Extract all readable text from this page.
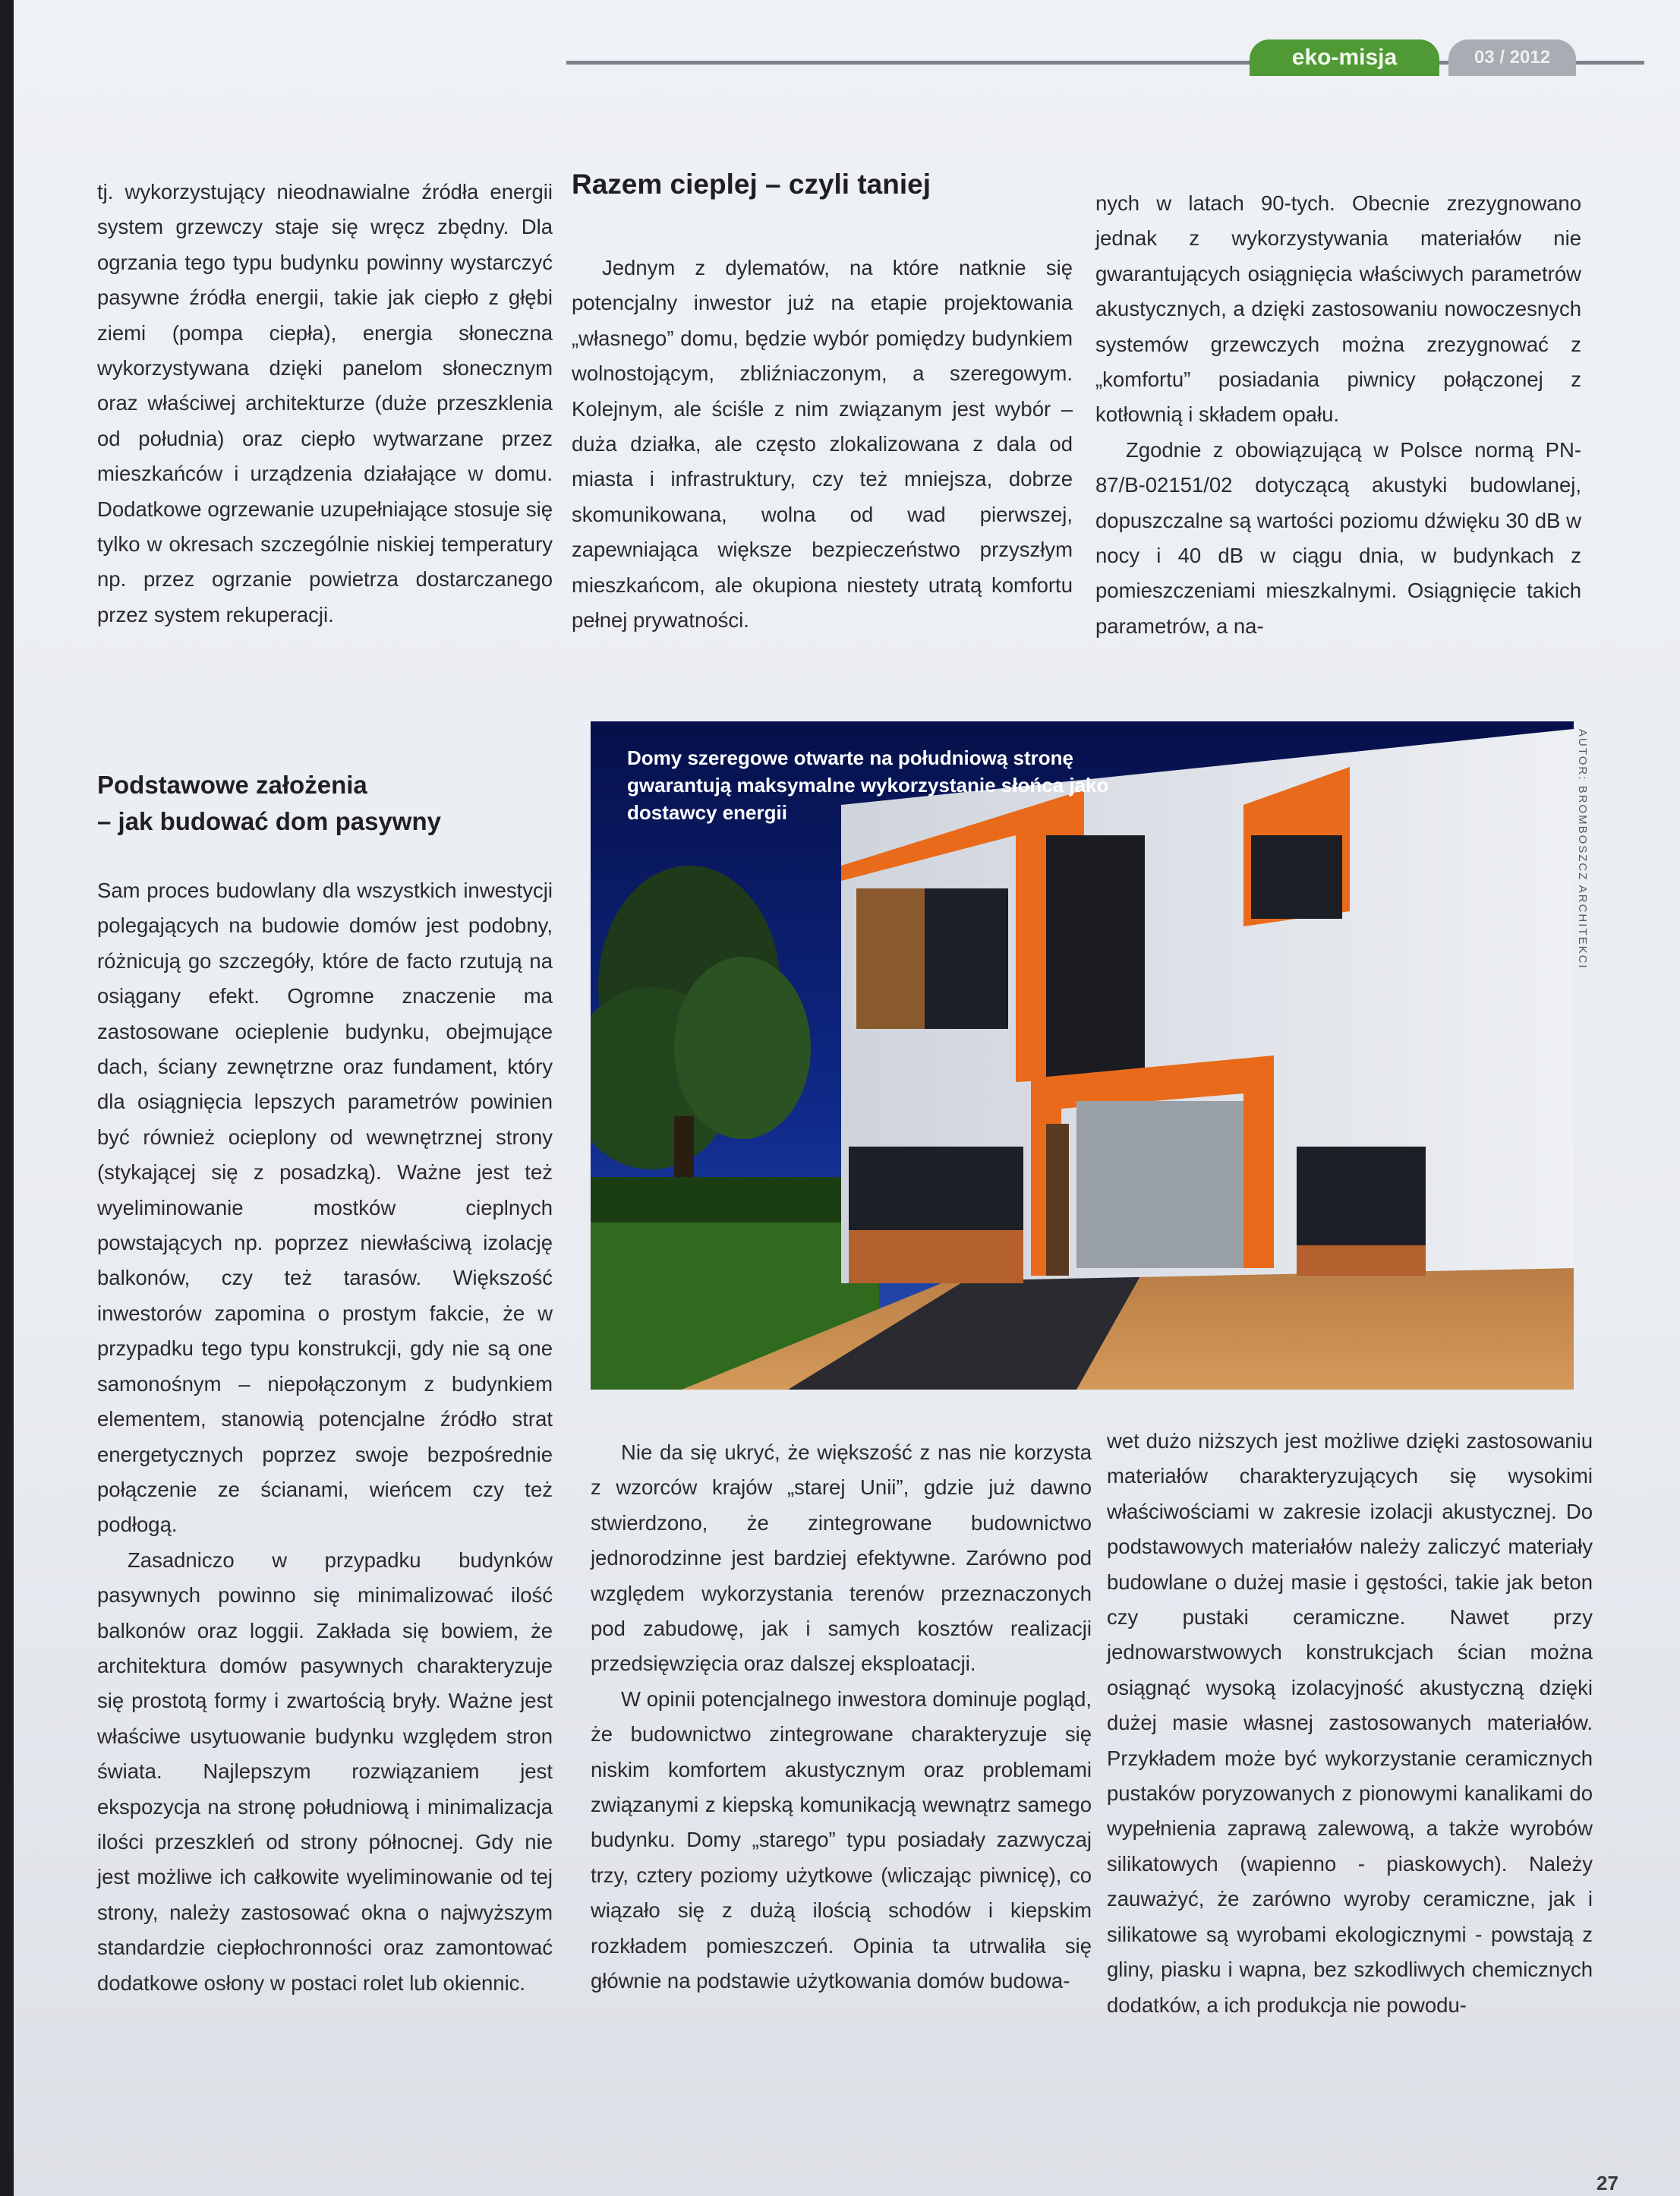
eko-misja	03 / 2012

tj. wykorzystujący nieodnawialne źródła energii system grzewczy staje się wręcz zbędny. Dla ogrzania tego typu budynku powinny wystarczyć pasywne źródła energii, takie jak ciepło z głębi ziemi (pompa ciepła), energia słoneczna wykorzystywana dzięki panelom słonecznym oraz właściwej architekturze (duże przeszklenia od południa) oraz ciepło wytwarzane przez mieszkańców i urządzenia działające w domu. Dodatkowe ogrzewanie uzupełniające stosuje się tylko w okresach szczególnie niskiej temperatury np. przez ogrzanie powietrza dostarczanego przez system rekuperacji.

Podstawowe założenia
– jak budować dom pasywny

Sam proces budowlany dla wszystkich inwestycji polegających na budowie domów jest podobny, różnicują go szczegóły, które de facto rzutują na osiągany efekt. Ogromne znaczenie ma zastosowane ocieplenie budynku, obejmujące dach, ściany zewnętrzne oraz fundament, który dla osiągnięcia lepszych parametrów powinien być również ocieplony od wewnętrznej strony (stykającej się z posadzką). Ważne jest też wyeliminowanie mostków cieplnych powstających np. poprzez niewłaściwą izolację balkonów, czy też tarasów. Większość inwestorów zapomina o prostym fakcie, że w przypadku tego typu konstrukcji, gdy nie są one samonośnym – niepołączonym z budynkiem elementem, stanowią potencjalne źródło strat energetycznych poprzez swoje bezpośrednie połączenie ze ścianami, wieńcem czy też podłogą.

Zasadniczo w przypadku budynków pasywnych powinno się minimalizować ilość balkonów oraz loggii. Zakłada się bowiem, że architektura domów pasywnych charakteryzuje się prostotą formy i zwartością bryły. Ważne jest właściwe usytuowanie budynku względem stron świata. Najlepszym rozwiązaniem jest ekspozycja na stronę południową i minimalizacja ilości przeszkleń od strony północnej. Gdy nie jest możliwe ich całkowite wyeliminowanie od tej strony, należy zastosować okna o najwyższym standardzie ciepłochronności oraz zamontować dodatkowe osłony w postaci rolet lub okiennic.

Razem cieplej – czyli taniej

Jednym z dylematów, na które natknie się potencjalny inwestor już na etapie projektowania „własnego” domu, będzie wybór pomiędzy budynkiem wolnostojącym, zbliźniaczonym, a szeregowym. Kolejnym, ale ściśle z nim związanym jest wybór – duża działka, ale często zlokalizowana z dala od miasta i infrastruktury, czy też mniejsza, dobrze skomunikowana, wolna od wad pierwszej, zapewniająca większe bezpieczeństwo przyszłym mieszkańcom, ale okupiona niestety utratą komfortu pełnej prywatności.

nych w latach 90-tych. Obecnie zrezygnowano jednak z wykorzystywania materiałów nie gwarantujących osiągnięcia właściwych parametrów akustycznych, a dzięki zastosowaniu nowoczesnych systemów grzewczych można zrezygnować z „komfortu” posiadania piwnicy połączonej z kotłownią i składem opału.

Zgodnie z obowiązującą w Polsce normą PN-87/B-02151/02 dotyczącą akustyki budowlanej, dopuszczalne są wartości poziomu dźwięku 30 dB w nocy i 40 dB w ciągu dnia, w budynkach z pomieszczeniami mieszkalnymi. Osiągnięcie takich parametrów, a na-

Domy szeregowe otwarte na południową stronę gwarantują maksymalne wykorzystanie słońca jako dostawcy energii	AUTOR: BROMBOSZCZ ARCHITEKCI

Nie da się ukryć, że większość z nas nie korzysta z wzorców krajów „starej Unii”, gdzie już dawno stwierdzono, że zintegrowane budownictwo jednorodzinne jest bardziej efektywne. Zarówno pod względem wykorzystania terenów przeznaczonych pod zabudowę, jak i samych kosztów realizacji przedsięwzięcia oraz dalszej eksploatacji.

W opinii potencjalnego inwestora dominuje pogląd, że budownictwo zintegrowane charakteryzuje się niskim komfortem akustycznym oraz problemami związanymi z kiepską komunikacją wewnątrz samego budynku. Domy „starego” typu posiadały zazwyczaj trzy, cztery poziomy użytkowe (wliczając piwnicę), co wiązało się z dużą ilością schodów i kiepskim rozkładem pomieszczeń. Opinia ta utrwaliła się głównie na podstawie użytkowania domów budowa-

wet dużo niższych jest możliwe dzięki zastosowaniu materiałów charakteryzujących się wysokimi właściwościami w zakresie izolacji akustycznej. Do podstawowych materiałów należy zaliczyć materiały budowlane o dużej masie i gęstości, takie jak beton czy pustaki ceramiczne. Nawet przy jednowarstwowych konstrukcjach ścian można osiągnąć wysoką izolacyjność akustyczną dzięki dużej masie własnej zastosowanych materiałów. Przykładem może być wykorzystanie ceramicznych pustaków poryzowanych z pionowymi kanalikami do wypełnienia zaprawą zalewową, a także wyrobów silikatowych (wapienno - piaskowych). Należy zauważyć, że zarówno wyroby ceramiczne, jak i silikatowe są wyrobami ekologicznymi - powstają z gliny, piasku i wapna, bez szkodliwych chemicznych dodatków, a ich produkcja nie powodu-

27
